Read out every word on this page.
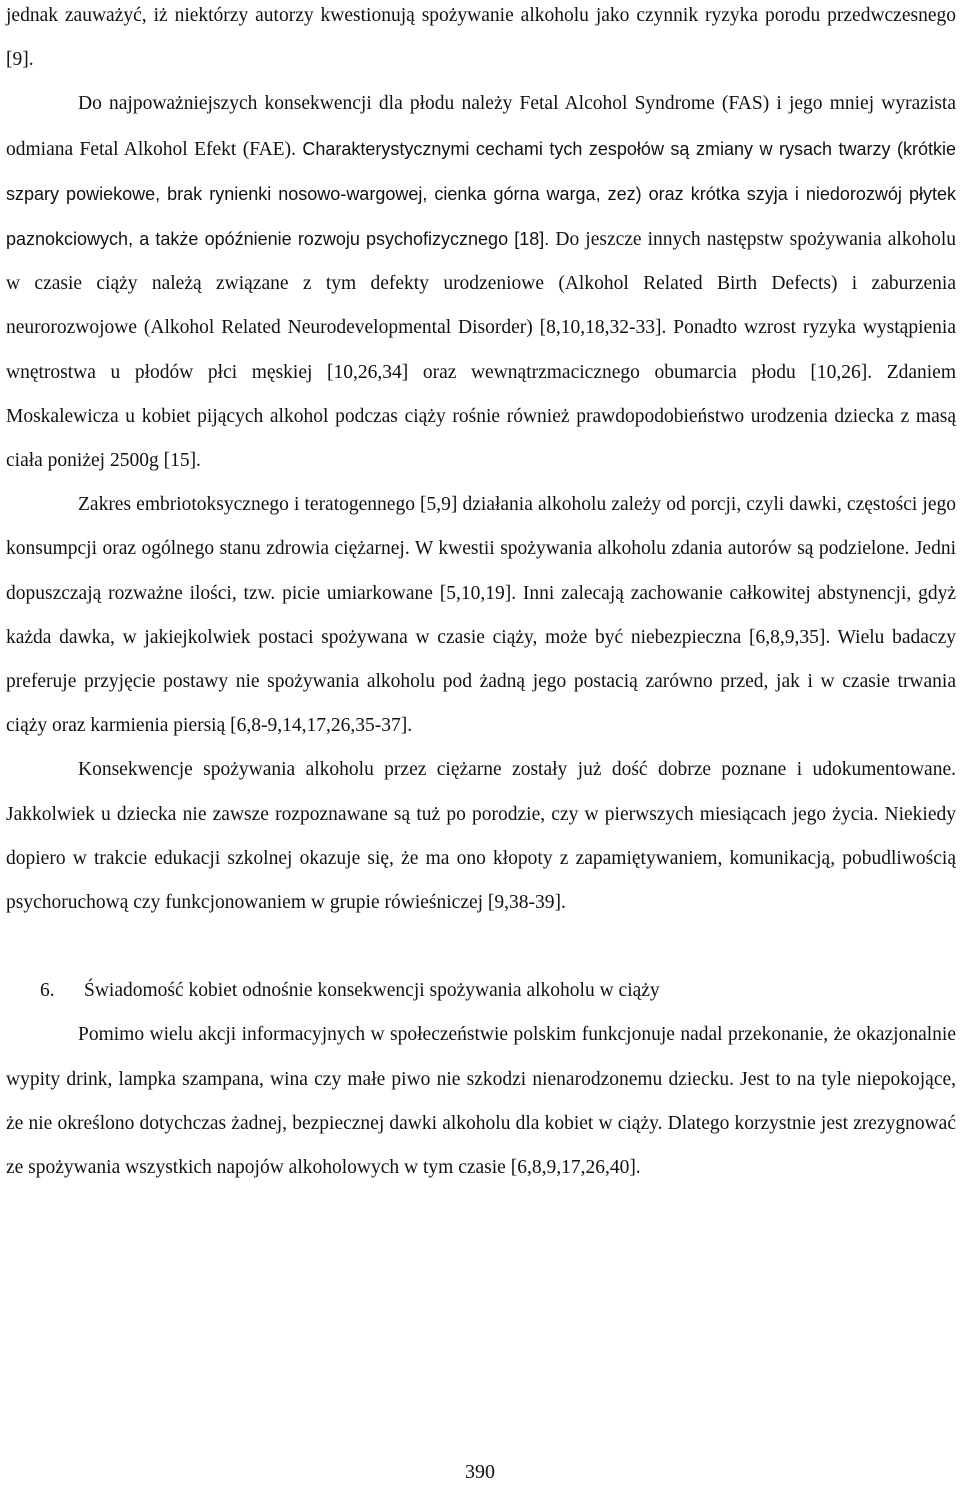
jednak zauważyć, iż niektórzy autorzy kwestionują spożywanie alkoholu jako czynnik ryzyka porodu przedwczesnego [9].

Do najpoważniejszych konsekwencji dla płodu należy Fetal Alcohol Syndrome (FAS) i jego mniej wyrazista odmiana Fetal Alkohol Efekt (FAE). Charakterystycznymi cechami tych zespołów są zmiany w rysach twarzy (krótkie szpary powiekowe, brak rynienki nosowo-wargowej, cienka górna warga, zez) oraz krótka szyja i niedorozwój płytek paznokciowych, a także opóźnienie rozwoju psychofizycznego [18]. Do jeszcze innych następstw spożywania alkoholu w czasie ciąży należą związane z tym defekty urodzeniowe (Alkohol Related Birth Defects) i zaburzenia neurorozwojowe (Alkohol Related Neurodevelopmental Disorder) [8,10,18,32-33]. Ponadto wzrost ryzyka wystąpienia wnętrostwa u płodów płci męskiej [10,26,34] oraz wewnątrzmacicznego obumarcia płodu [10,26]. Zdaniem Moskalewicza u kobiet pijących alkohol podczas ciąży rośnie również prawdopodobieństwo urodzenia dziecka z masą ciała poniżej 2500g [15].

Zakres embriotoksycznego i teratogennego [5,9] działania alkoholu zależy od porcji, czyli dawki, częstości jego konsumpcji oraz ogólnego stanu zdrowia ciężarnej. W kwestii spożywania alkoholu zdania autorów są podzielone. Jedni dopuszczają rozważne ilości, tzw. picie umiarkowane [5,10,19]. Inni zalecają zachowanie całkowitej abstynencji, gdyż każda dawka, w jakiejkolwiek postaci spożywana w czasie ciąży, może być niebezpieczna [6,8,9,35]. Wielu badaczy preferuje przyjęcie postawy nie spożywania alkoholu pod żadną jego postacią zarówno przed, jak i w czasie trwania ciąży oraz karmienia piersią [6,8-9,14,17,26,35-37].

Konsekwencje spożywania alkoholu przez ciężarne zostały już dość dobrze poznane i udokumentowane. Jakkolwiek u dziecka nie zawsze rozpoznawane są tuż po porodzie, czy w pierwszych miesiącach jego życia. Niekiedy dopiero w trakcie edukacji szkolnej okazuje się, że ma ono kłopoty z zapamiętywaniem, komunikacją, pobudliwością psychoruchową czy funkcjonowaniem w grupie rówieśniczej [9,38-39].

6. Świadomość kobiet odnośnie konsekwencji spożywania alkoholu w ciąży

Pomimo wielu akcji informacyjnych w społeczeństwie polskim funkcjonuje nadal przekonanie, że okazjonalnie wypity drink, lampka szampana, wina czy małe piwo nie szkodzi nienarodzonemu dziecku. Jest to na tyle niepokojące, że nie określono dotychczas żadnej, bezpiecznej dawki alkoholu dla kobiet w ciąży. Dlatego korzystnie jest zrezygnować ze spożywania wszystkich napojów alkoholowych w tym czasie [6,8,9,17,26,40].

390
